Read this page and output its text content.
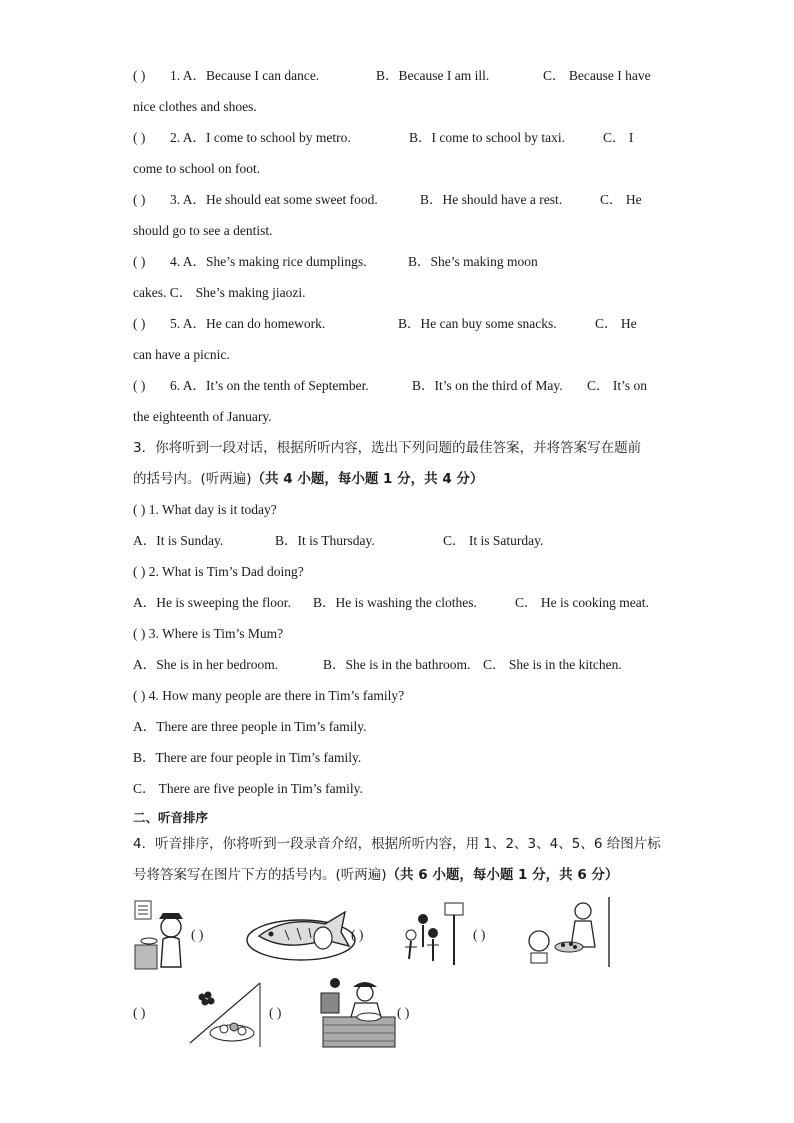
( ) 1. A．Because I can dance.	B．Because I am ill.	C． Because I have
nice clothes and shoes.
( ) 2. A．I come to school by metro.	B．I come to school by taxi.	C． I
come to school on foot.
( ) 3. A．He should eat some sweet food.	B．He should have a rest.	C． He
should go to see a dentist.
( ) 4. A．She’s making rice dumplings.	B．She’s making moon
cakes. C． She’s making jiaozi.
( ) 5. A．He can do homework.	B．He can buy some snacks.	C． He
can have a picnic.
( ) 6. A．It’s on the tenth of September.	B．It’s on the third of May. C． It’s on
the eighteenth of January.
3．你将听到一段对话，根据所听内容，选出下列问题的最佳答案，并将答案写在题前
的括号内。(听两遍)（共 4 小题，每小题 1 分，共 4 分）
( ) 1. What day is it today?
A．It is Sunday.	B．It is Thursday.	C． It is Saturday.
( ) 2. What is Tim’s Dad doing?
A．He is sweeping the floor. B．He is washing the clothes.	C． He is cooking meat.
( ) 3. Where is Tim’s Mum?
A．She is in her bedroom.	B．She is in the bathroom. C． She is in the kitchen.
( ) 4. How many people are there in Tim’s family?
A．There are three people in Tim’s family.
B．There are four people in Tim’s family.
C． There are five people in Tim’s family.
二、听音排序
4．听音排序，你将听到一段录音介绍，根据所听内容，用 1、2、3、4、5、6 给图片标
号将答案写在图片下方的括号内。(听两遍)（共 6 小题，每小题 1 分，共 6 分）
( )	( )	( )
( )	( )	( )
